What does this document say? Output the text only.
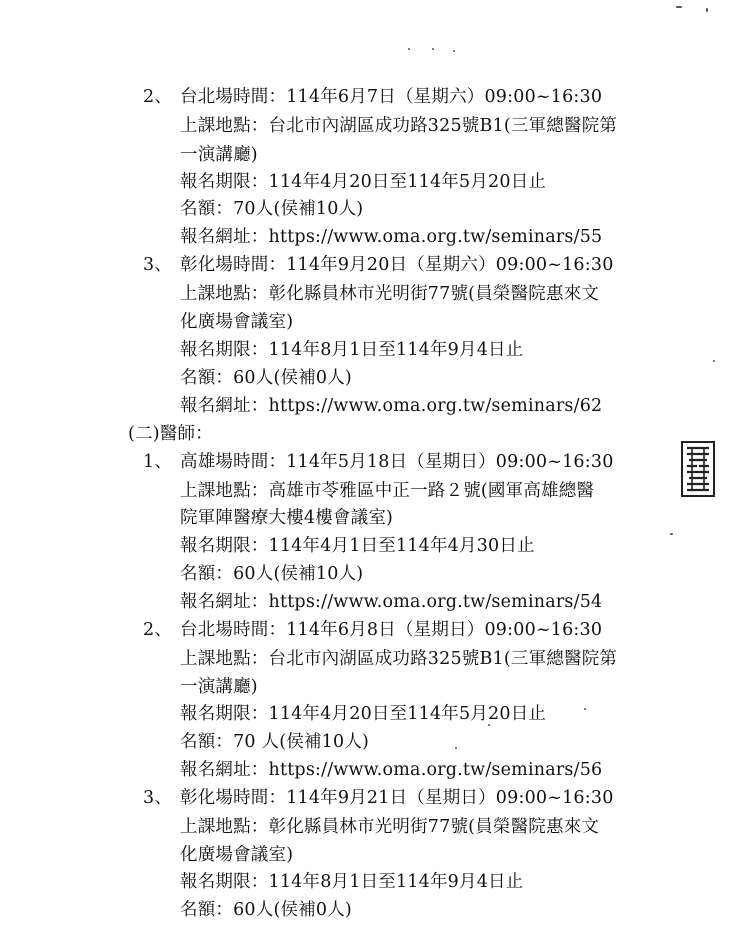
2、 台北場時間：114年6月7日（星期六）09:00~16:30
上課地點：台北市內湖區成功路325號B1(三軍總醫院第
一演講廳)
報名期限：114年4月20日至114年5月20日止
名額：70人(侯補10人)
報名網址：https://www.oma.org.tw/seminars/55
3、 彰化場時間：114年9月20日（星期六）09:00~16:30
上課地點：彰化縣員林市光明街77號(員榮醫院惠來文
化廣場會議室)
報名期限：114年8月1日至114年9月4日止
名額：60人(侯補0人)
報名網址：https://www.oma.org.tw/seminars/62
(二)醫師：
1、 高雄場時間：114年5月18日（星期日）09:00~16:30
上課地點：高雄市苓雅區中正一路２號(國軍高雄總醫
院軍陣醫療大樓4樓會議室)
報名期限：114年4月1日至114年4月30日止
名額：60人(侯補10人)
報名網址：https://www.oma.org.tw/seminars/54
2、 台北場時間：114年6月8日（星期日）09:00~16:30
上課地點：台北市內湖區成功路325號B1(三軍總醫院第
一演講廳)
報名期限：114年4月20日至114年5月20日止
名額：70 人(侯補10人)
報名網址：https://www.oma.org.tw/seminars/56
3、 彰化場時間：114年9月21日（星期日）09:00~16:30
上課地點：彰化縣員林市光明街77號(員榮醫院惠來文
化廣場會議室)
報名期限：114年8月1日至114年9月4日止
名額：60人(侯補0人)
